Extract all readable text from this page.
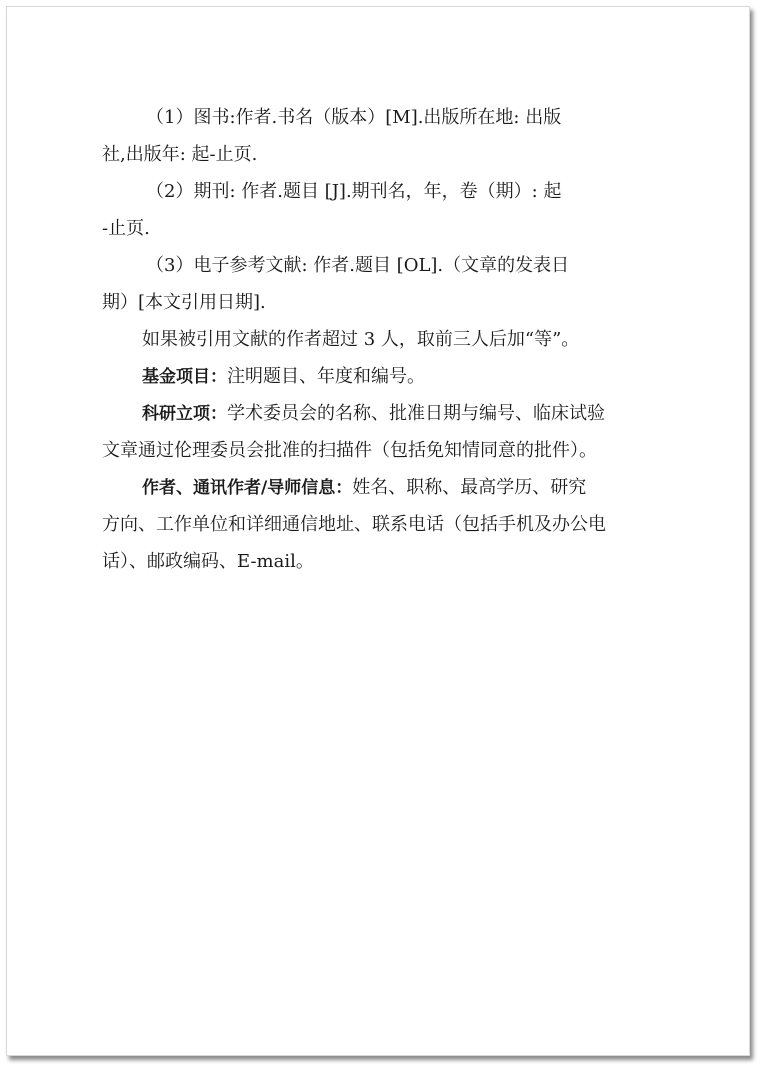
（1）图书:作者.书名（版本）[M].出版所在地: 出版
社,出版年: 起-止页.
（2）期刊: 作者.题目 [J].期刊名，年，卷（期）: 起
-止页.
（3）电子参考文献: 作者.题目 [OL].（文章的发表日
期）[本文引用日期].
如果被引用文献的作者超过 3 人，取前三人后加“等”。
基金项目：注明题目、年度和编号。
科研立项：学术委员会的名称、批准日期与编号、临床试验
文章通过伦理委员会批准的扫描件（包括免知情同意的批件）。
作者、通讯作者/导师信息：姓名、职称、最高学历、研究
方向、工作单位和详细通信地址、联系电话（包括手机及办公电
话）、邮政编码、E-mail。
